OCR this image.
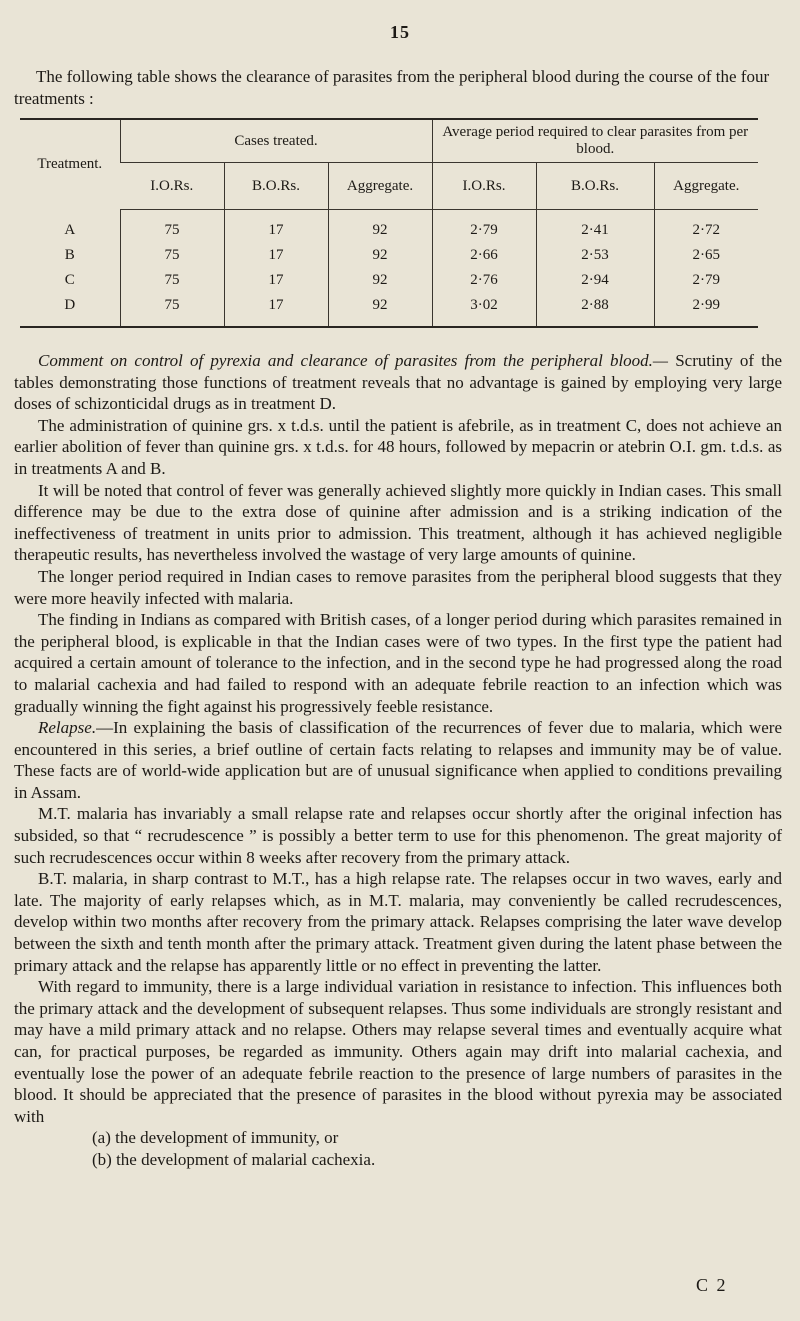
15

The following table shows the clearance of parasites from the peripheral blood during the course of the four treatments :

Treatment.	Cases treated.			Average period required to clear parasites from per blood.		
	I.O.Rs.	B.O.Rs.	Aggregate.	I.O.Rs.	B.O.Rs.	Aggregate.
A	75	17	92	2·79	2·41	2·72
B	75	17	92	2·66	2·53	2·65
C	75	17	92	2·76	2·94	2·79
D	75	17	92	3·02	2·88	2·99

Comment on control of pyrexia and clearance of parasites from the peripheral blood.— Scrutiny of the tables demonstrating those functions of treatment reveals that no advantage is gained by employing very large doses of schizonticidal drugs as in treatment D.

The administration of quinine grs. x t.d.s. until the patient is afebrile, as in treatment C, does not achieve an earlier abolition of fever than quinine grs. x t.d.s. for 48 hours, followed by mepacrin or atebrin O.I. gm. t.d.s. as in treatments A and B.

It will be noted that control of fever was generally achieved slightly more quickly in Indian cases. This small difference may be due to the extra dose of quinine after admission and is a striking indication of the ineffectiveness of treatment in units prior to admission. This treatment, although it has achieved negligible therapeutic results, has nevertheless involved the wastage of very large amounts of quinine.

The longer period required in Indian cases to remove parasites from the peripheral blood suggests that they were more heavily infected with malaria.

The finding in Indians as compared with British cases, of a longer period during which parasites remained in the peripheral blood, is explicable in that the Indian cases were of two types. In the first type the patient had acquired a certain amount of tolerance to the infection, and in the second type he had progressed along the road to malarial cachexia and had failed to respond with an adequate febrile reaction to an infection which was gradually winning the fight against his progressively feeble resistance.

Relapse.—In explaining the basis of classification of the recurrences of fever due to malaria, which were encountered in this series, a brief outline of certain facts relating to relapses and immunity may be of value. These facts are of world-wide application but are of unusual significance when applied to conditions prevailing in Assam.

M.T. malaria has invariably a small relapse rate and relapses occur shortly after the original infection has subsided, so that “ recrudescence ” is possibly a better term to use for this phenomenon. The great majority of such recrudescences occur within 8 weeks after recovery from the primary attack.

B.T. malaria, in sharp contrast to M.T., has a high relapse rate. The relapses occur in two waves, early and late. The majority of early relapses which, as in M.T. malaria, may conveniently be called recrudescences, develop within two months after recovery from the primary attack. Relapses comprising the later wave develop between the sixth and tenth month after the primary attack. Treatment given during the latent phase between the primary attack and the relapse has apparently little or no effect in preventing the latter.

With regard to immunity, there is a large individual variation in resistance to infection. This influences both the primary attack and the development of subsequent relapses. Thus some individuals are strongly resistant and may have a mild primary attack and no relapse. Others may relapse several times and eventually acquire what can, for practical purposes, be regarded as immunity. Others again may drift into malarial cachexia, and eventually lose the power of an adequate febrile reaction to the presence of large numbers of parasites in the blood. It should be appreciated that the presence of parasites in the blood without pyrexia may be associated with

(a) the development of immunity, or

(b) the development of malarial cachexia.

C 2
